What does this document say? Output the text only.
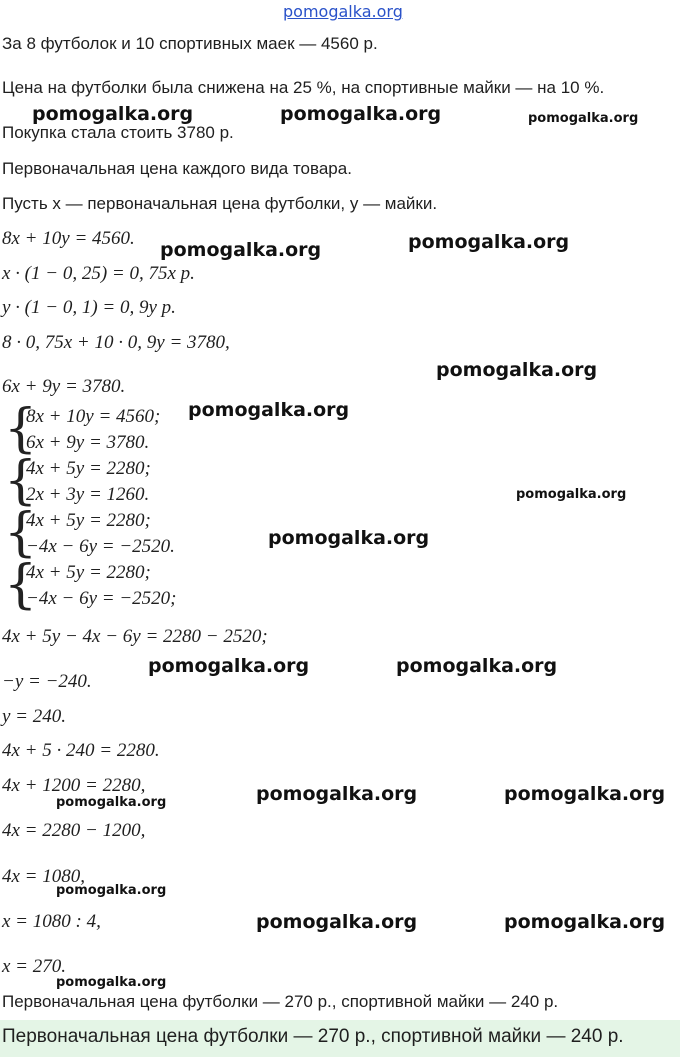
pomogalka.org
За 8 футболок и 10 спортивных маек — 4560 р.
Цена на футболки была снижена на 25 %, на спортивные майки — на 10 %.
Покупка стала стоить 3780 р.
Первоначальная цена каждого вида товара.
Пусть x — первоначальная цена футболки, y — майки.
8x + 10y = 4560.
x · (1 − 0, 25) = 0, 75x р.
y · (1 − 0, 1) = 0, 9y р.
8 · 0, 75x + 10 · 0, 9y = 3780,
6x + 9y = 3780.
{
8x + 10y = 4560;
6x + 9y = 3780.
{
4x + 5y = 2280;
2x + 3y = 1260.
{
4x + 5y = 2280;
−4x − 6y = −2520.
{
4x + 5y = 2280;
−4x − 6y = −2520;
4x + 5y − 4x − 6y = 2280 − 2520;
−y = −240.
y = 240.
4x + 5 · 240 = 2280.
4x + 1200 = 2280,
4x = 2280 − 1200,
4x = 1080,
x = 1080 : 4,
x = 270.
Первоначальная цена футболки — 270 р., спортивной майки — 240 р.
Первоначальная цена футболки — 270 р., спортивной майки — 240 р.
pomogalka.org	pomogalka.org	pomogalka.org
pomogalka.org	pomogalka.org
pomogalka.org
pomogalka.org
pomogalka.org
pomogalka.org
pomogalka.org	pomogalka.org
pomogalka.org	pomogalka.org	pomogalka.org
pomogalka.org
pomogalka.org	pomogalka.org
pomogalka.org
